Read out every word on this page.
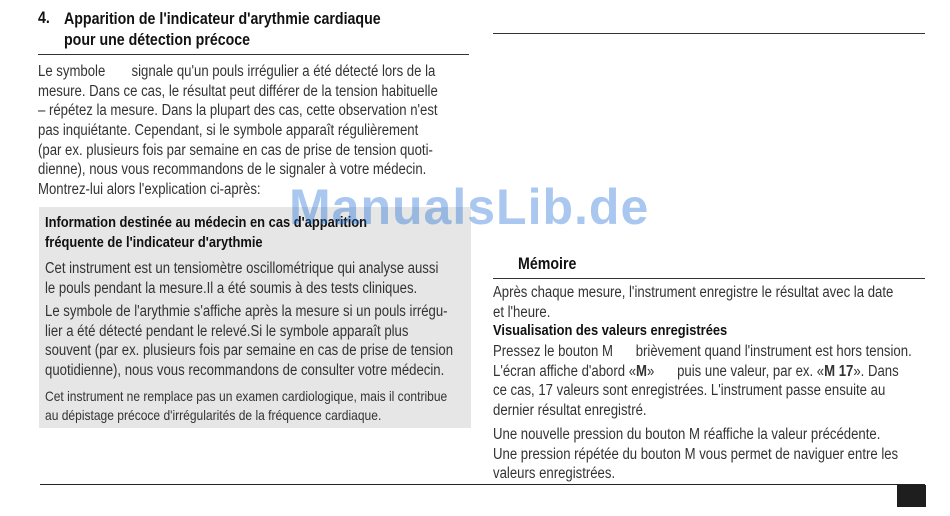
4. Apparition de l'indicateur d'arythmie cardiaque
pour une détection précoce
Le symbole signale qu'un pouls irrégulier a été détecté lors de la
mesure. Dans ce cas, le résultat peut différer de la tension habituelle
– répétez la mesure. Dans la plupart des cas, cette observation n'est
pas inquiétante. Cependant, si le symbole apparaît régulièrement
(par ex. plusieurs fois par semaine en cas de prise de tension quoti-
dienne), nous vous recommandons de le signaler à votre médecin.
Montrez-lui alors l'explication ci-après:
Information destinée au médecin en cas d'apparition
fréquente de l'indicateur d'arythmie
Cet instrument est un tensiomètre oscillométrique qui analyse aussi
le pouls pendant la mesure.Il a été soumis à des tests cliniques.
Le symbole de l'arythmie s'affiche après la mesure si un pouls irrégu-
lier a été détecté pendant le relevé.Si le symbole apparaît plus
souvent (par ex. plusieurs fois par semaine en cas de prise de tension
quotidienne), nous vous recommandons de consulter votre médecin.
Cet instrument ne remplace pas un examen cardiologique, mais il contribue
au dépistage précoce d'irrégularités de la fréquence cardiaque.
Mémoire
Après chaque mesure, l'instrument enregistre le résultat avec la date
et l'heure.
Visualisation des valeurs enregistrées
Pressez le bouton M brièvement quand l'instrument est hors tension.
L'écran affiche d'abord «M» puis une valeur, par ex. «M 17». Dans
ce cas, 17 valeurs sont enregistrées. L'instrument passe ensuite au
dernier résultat enregistré.
Une nouvelle pression du bouton M réaffiche la valeur précédente.
Une pression répétée du bouton M vous permet de naviguer entre les
valeurs enregistrées.
ManualsLib.de
